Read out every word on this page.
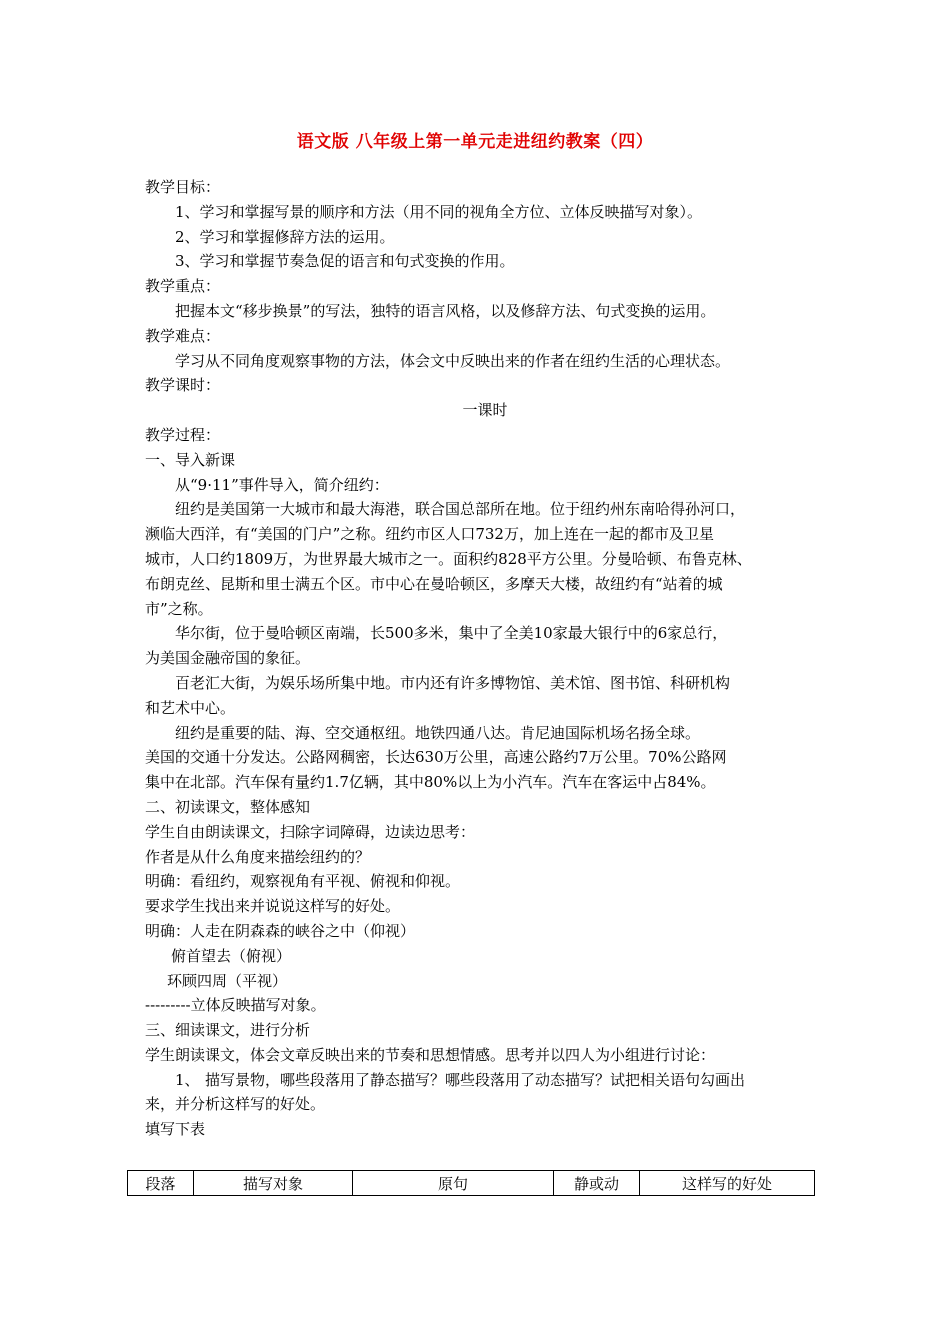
语文版 八年级上第一单元走进纽约教案（四）

教学目标：

1、学习和掌握写景的顺序和方法（用不同的视角全方位、立体反映描写对象）。

2、学习和掌握修辞方法的运用。

3、学习和掌握节奏急促的语言和句式变换的作用。

教学重点：

把握本文“移步换景”的写法，独特的语言风格，以及修辞方法、句式变换的运用。

教学难点：

学习从不同角度观察事物的方法，体会文中反映出来的作者在纽约生活的心理状态。

教学课时：

一课时

教学过程：

一、导入新课

从“9·11”事件导入，简介纽约：

纽约是美国第一大城市和最大海港，联合国总部所在地。位于纽约州东南哈得孙河口，

濒临大西洋，有“美国的门户”之称。纽约市区人口732万，加上连在一起的都市及卫星

城市，人口约1809万，为世界最大城市之一。面积约828平方公里。分曼哈顿、布鲁克林、

布朗克丝、昆斯和里士满五个区。市中心在曼哈顿区，多摩天大楼，故纽约有“站着的城

市”之称。

华尔街，位于曼哈顿区南端，长500多米，集中了全美10家最大银行中的6家总行，

为美国金融帝国的象征。

百老汇大街，为娱乐场所集中地。市内还有许多博物馆、美术馆、图书馆、科研机构

和艺术中心。

纽约是重要的陆、海、空交通枢纽。地铁四通八达。肯尼迪国际机场名扬全球。

美国的交通十分发达。公路网稠密，长达630万公里，高速公路约7万公里。70%公路网

集中在北部。汽车保有量约1.7亿辆，其中80%以上为小汽车。汽车在客运中占84%。

二、初读课文，整体感知

学生自由朗读课文，扫除字词障碍，边读边思考：

作者是从什么角度来描绘纽约的？

明确：看纽约，观察视角有平视、俯视和仰视。

要求学生找出来并说说这样写的好处。

明确：人走在阴森森的峡谷之中（仰视）

俯首望去（俯视）

环顾四周（平视）

---------立体反映描写对象。

三、细读课文，进行分析

学生朗读课文，体会文章反映出来的节奏和思想情感。思考并以四人为小组进行讨论：

1、 描写景物，哪些段落用了静态描写？哪些段落用了动态描写？试把相关语句勾画出

来，并分析这样写的好处。

填写下表

段落	描写对象	原句	静或动	这样写的好处
